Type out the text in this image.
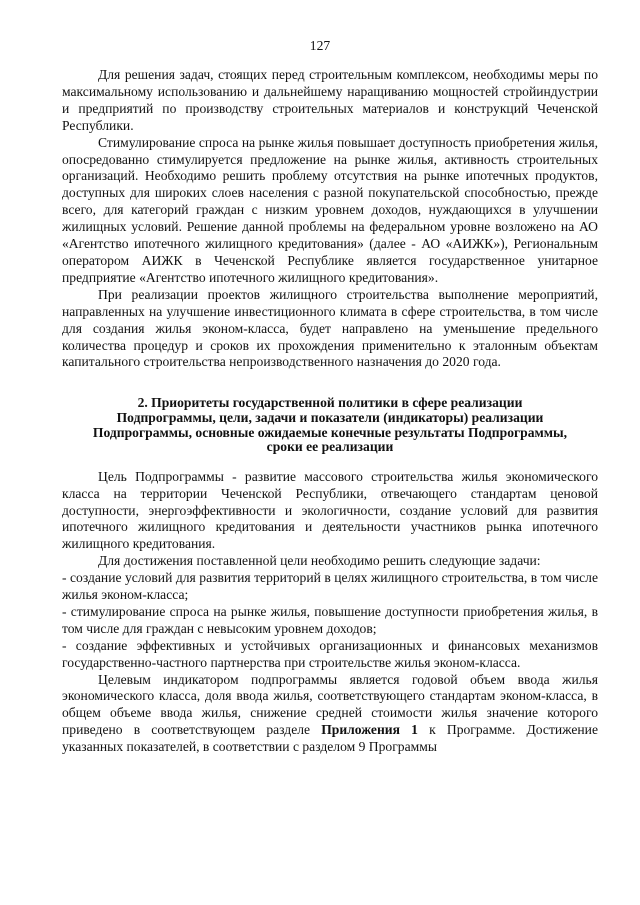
127

Для решения задач, стоящих перед строительным комплексом, необходимы меры по максимальному использованию и дальнейшему наращиванию мощностей стройиндустрии и предприятий по производству строительных материалов и конструкций Чеченской Республики.

Стимулирование спроса на рынке жилья повышает доступность приобретения жилья, опосредованно стимулируется предложение на рынке жилья, активность строительных организаций. Необходимо решить проблему отсутствия на рынке ипотечных продуктов, доступных для широких слоев населения с разной покупательской способностью, прежде всего, для категорий граждан с низким уровнем доходов, нуждающихся в улучшении жилищных условий. Решение данной проблемы на федеральном уровне возложено на АО «Агентство ипотечного жилищного кредитования» (далее - АО «АИЖК»), Региональным оператором АИЖК в Чеченской Республике является государственное унитарное предприятие «Агентство ипотечного жилищного кредитования».

При реализации проектов жилищного строительства выполнение мероприятий, направленных на улучшение инвестиционного климата в сфере строительства, в том числе для создания жилья эконом-класса, будет направлено на уменьшение предельного количества процедур и сроков их прохождения применительно к эталонным объектам капитального строительства непроизводственного назначения до 2020 года.

2. Приоритеты государственной политики в сфере реализации
Подпрограммы, цели, задачи и показатели (индикаторы) реализации
Подпрограммы, основные ожидаемые конечные результаты Подпрограммы,
сроки ее реализации

Цель Подпрограммы - развитие массового строительства жилья экономического класса на территории Чеченской Республики, отвечающего стандартам ценовой доступности, энергоэффективности и экологичности, создание условий для развития ипотечного жилищного кредитования и деятельности участников рынка ипотечного жилищного кредитования.

Для достижения поставленной цели необходимо решить следующие задачи:

- создание условий для развития территорий в целях жилищного строительства, в том числе жилья эконом-класса;

- стимулирование спроса на рынке жилья, повышение доступности приобретения жилья, в том числе для граждан с невысоким уровнем доходов;

- создание эффективных и устойчивых организационных и финансовых механизмов государственно-частного партнерства при строительстве жилья эконом-класса.

Целевым индикатором подпрограммы является годовой объем ввода жилья экономического класса, доля ввода жилья, соответствующего стандартам эконом-класса, в общем объеме ввода жилья, снижение средней стоимости жилья значение которого приведено в соответствующем разделе Приложения 1 к Программе. Достижение указанных показателей, в соответствии с разделом 9 Программы
